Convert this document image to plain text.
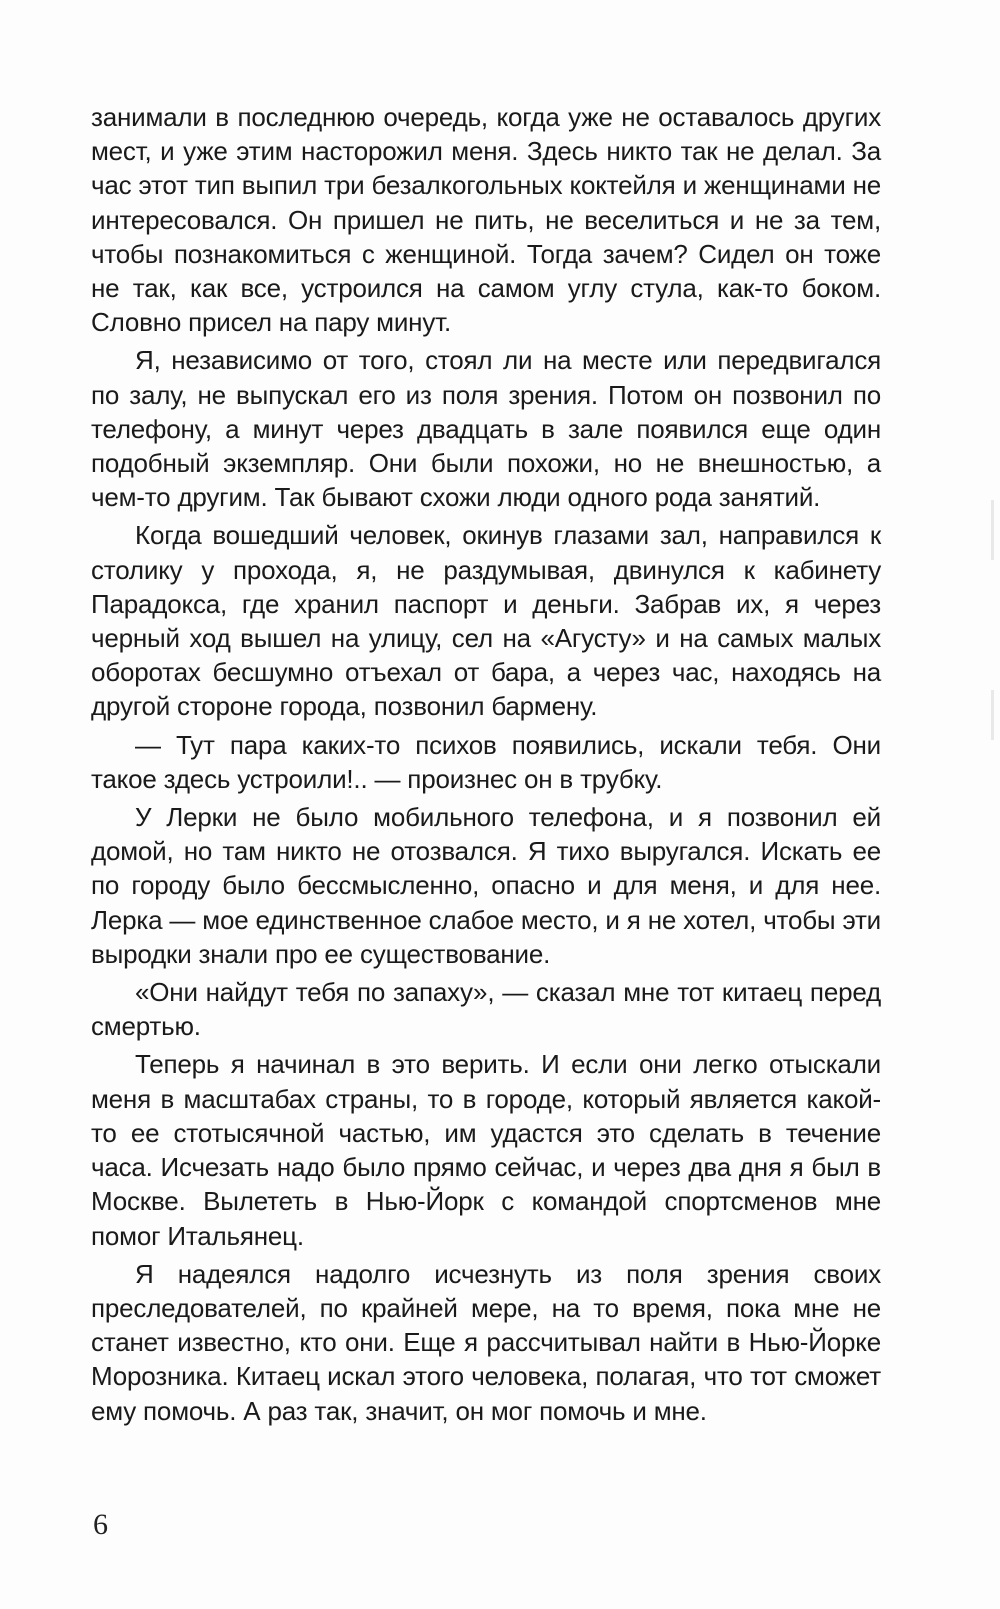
занимали в последнюю очередь, когда уже не оставалось других мест, и уже этим насторожил меня. Здесь никто так не делал. За час этот тип выпил три безалкогольных коктейля и женщинами не интересовался. Он пришел не пить, не веселиться и не за тем, чтобы познакомиться с женщиной. Тогда зачем? Сидел он тоже не так, как все, устроился на самом углу стула, как-то боком. Словно присел на пару минут.

Я, независимо от того, стоял ли на месте или передвигался по залу, не выпускал его из поля зрения. Потом он позвонил по телефону, а минут через двадцать в зале появился еще один подобный экземпляр. Они были похожи, но не внешностью, а чем-то другим. Так бывают схожи люди одного рода занятий.

Когда вошедший человек, окинув глазами зал, направился к столику у прохода, я, не раздумывая, двинулся к кабинету Парадокса, где хранил паспорт и деньги. Забрав их, я через черный ход вышел на улицу, сел на «Агусту» и на самых малых оборотах бесшумно отъехал от бара, а через час, находясь на другой стороне города, позвонил бармену.

— Тут пара каких-то психов появились, искали тебя. Они такое здесь устроили!.. — произнес он в трубку.

У Лерки не было мобильного телефона, и я позвонил ей домой, но там никто не отозвался. Я тихо выругался. Искать ее по городу было бессмысленно, опасно и для меня, и для нее. Лерка — мое единственное слабое место, и я не хотел, чтобы эти выродки знали про ее существование.

«Они найдут тебя по запаху», — сказал мне тот китаец перед смертью.

Теперь я начинал в это верить. И если они легко отыскали меня в масштабах страны, то в городе, который является какой-то ее стотысячной частью, им удастся это сделать в течение часа. Исчезать надо было прямо сейчас, и через два дня я был в Москве. Вылететь в Нью-Йорк с командой спортсменов мне помог Итальянец.

Я надеялся надолго исчезнуть из поля зрения своих преследователей, по крайней мере, на то время, пока мне не станет известно, кто они. Еще я рассчитывал найти в Нью-Йорке Морозника. Китаец искал этого человека, полагая, что тот сможет ему помочь. А раз так, значит, он мог помочь и мне.

6
